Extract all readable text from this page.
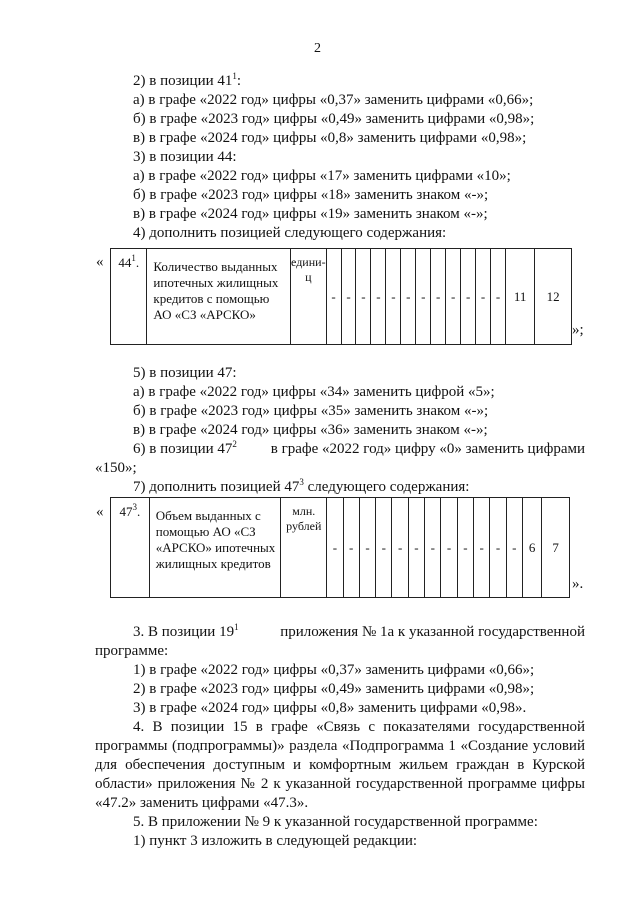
2
2) в позиции $41^1$:
а) в графе «2022 год» цифры «0,37» заменить цифрами «0,66»;
б) в графе «2023 год» цифры «0,49» заменить цифрами «0,98»;
в) в графе «2024 год» цифры «0,8» заменить цифрами «0,98»;
3) в позиции 44:
а) в графе «2022 год» цифры «17» заменить цифрами «10»;
б) в графе «2023 год» цифры «18» заменить знаком «-»;
в) в графе «2024 год» цифры «19» заменить знаком «-»;
4) дополнить позицией следующего содержания:
« $44^1$.	Количество выданных ипотечных жилищных кредитов с помощью АО «СЗ «АРСКО»	единиц	-	-	-	-	-	-	-	-	-	-	-	-	11	12
»;
5) в позиции 47:
а) в графе «2022 год» цифры «34» заменить цифрой «5»;
б) в графе «2023 год» цифры «35» заменить знаком «-»;
в) в графе «2024 год» цифры «36» заменить знаком «-»;
6) в позиции $47^2$ в графе «2022 год» цифру «0» заменить цифрами
«150»;
7) дополнить позицией $47^3$ следующего содержания:
« $47^3$.	Объем выданных с помощью АО «СЗ «АРСКО» ипотечных жилищных кредитов	млн. рублей	-	-	-	-	-	-	-	-	-	-	-	-	6	7
».
3. В позиции $19^1$	приложения № 1а к указанной государственной
программе:
1) в графе «2022 год» цифры «0,37» заменить цифрами «0,66»;
2) в графе «2023 год» цифры «0,49» заменить цифрами «0,98»;
3) в графе «2024 год» цифры «0,8» заменить цифрами «0,98».
4. В позиции 15 в графе «Связь с показателями государственной
программы (подпрограммы)» раздела «Подпрограмма 1 «Создание условий
для обеспечения доступным и комфортным жильем граждан в Курской
области» приложения № 2 к указанной государственной программе цифры
«47.2» заменить цифрами «47.3».
5. В приложении № 9 к указанной государственной программе:
1) пункт 3 изложить в следующей редакции:
